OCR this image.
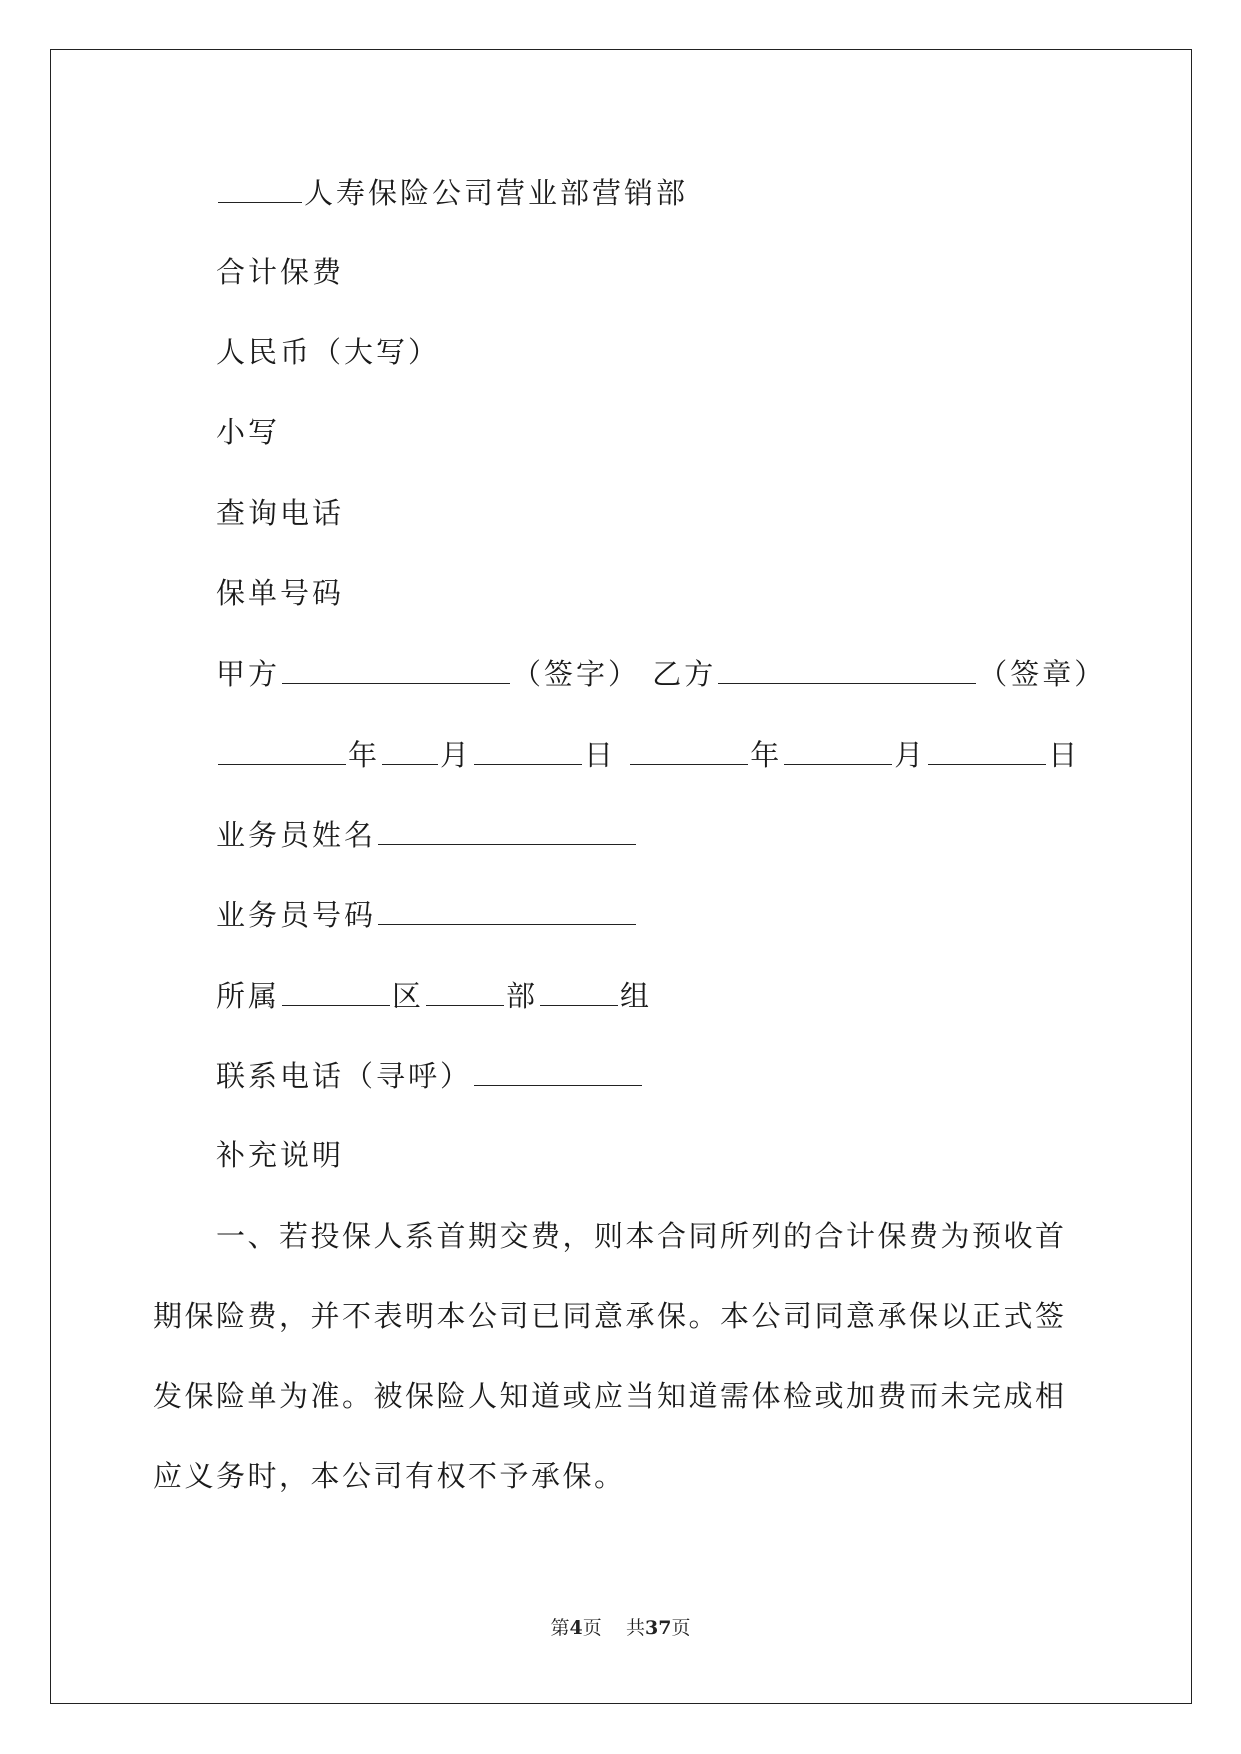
人寿保险公司营业部营销部
合计保费
人民币（大写）
小写
查询电话
保单号码
甲方	（签字） 乙方	（签章）
年 月	日	年	月	日
业务员姓名
业务员号码
所属	区	部	组
联系电话（寻呼）
补充说明
一、若投保人系首期交费，则本合同所列的合计保费为预收首期保险费，并不表明本公司已同意承保。本公司同意承保以正式签发保险单为准。被保险人知道或应当知道需体检或加费而未完成相应义务时，本公司有权不予承保。
第4页 共37页
